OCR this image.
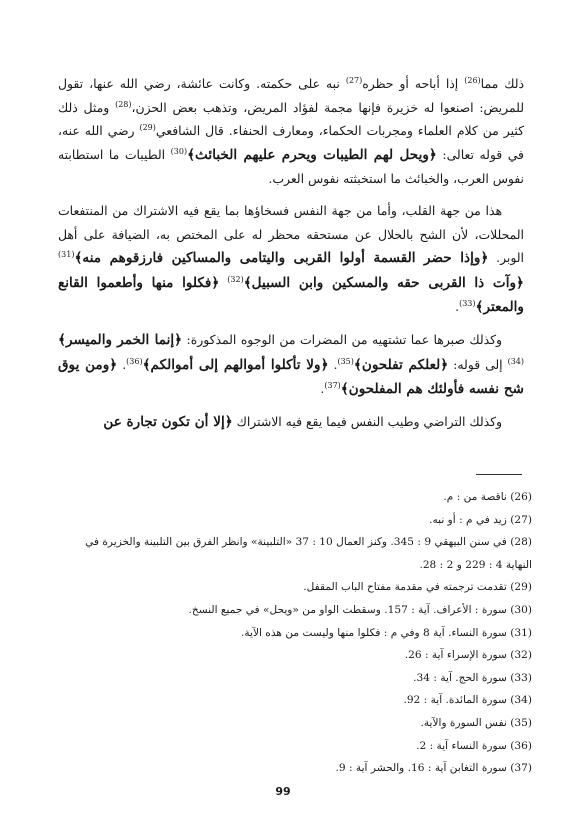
ذلك مما$^{(26)}$ إذا أباحه أو حظره$^{(27)}$ نبه على حكمته. وكانت عائشة، رضي الله عنها، تقول للمريض: اصنعوا له خزيرة فإنها مجمة لفؤاد المريض، وتذهب بعض الحزن،$^{(28)}$ ومثل ذلك كثير من كلام العلماء ومجربات الحكماء، ومعارف الحنفاء. قال الشافعي$^{(29)}$ رضي الله عنه، في قوله تعالى: ﴿ويحل لهم الطيبات ويحرم عليهم الخبائث﴾$^{(30)}$ الطيبات ما استطابته نفوس العرب، والخبائث ما استخبثته نفوس العرب.

هذا من جهة القلب، وأما من جهة النفس فسخاؤها بما يقع فيه الاشتراك من المنتفعات المحللات، لأن الشح بالحلال عن مستحقه محظر له على المختص به، الضيافة على أهل الوبر. ﴿وإذا حضر القسمة أولوا القربى واليتامى والمساكين فارزقوهم منه﴾$^{(31)}$ ﴿وآت ذا القربى حقه والمسكين وابن السبيل﴾$^{(32)}$ ﴿فكلوا منها وأطعموا القانع والمعتر﴾$^{(33)}$.

وكذلك صبرها عما تشتهيه من المضرات من الوجوه المذكورة: ﴿إنما الخمر والميسر﴾$^{(34)}$ إلى قوله: ﴿لعلكم تفلحون﴾$^{(35)}$. ﴿ولا تأكلوا أموالهم إلى أموالكم﴾$^{(36)}$. ﴿ومن يوق شح نفسه فأولئك هم المفلحون﴾$^{(37)}$.

وكذلك التراضي وطيب النفس فيما يقع فيه الاشتراك ﴿إلا أن تكون تجارة عن

(26) ناقصة من : م.
(27) زيد في م : أو نبه.
(28) في سنن البيهقي 9 : 345. وكنز العمال 10 : 37 «التلبينة» وانظر الفرق بين التلبينة والخزيرة في النهاية 4 : 229 و 2 : 28.
(29) تقدمت ترجمته في مقدمة مفتاح الباب المقفل.
(30) سورة : الأعراف. آية : 157. وسقطت الواو من «ويحل» في جميع النسخ.
(31) سورة النساء. آية 8 وفي م : فكلوا منها وليست من هذه الآية.
(32) سورة الإسراء آية : 26.
(33) سورة الحج. آية : 34.
(34) سورة المائدة. آية : 92.
(35) نفس السورة والآية.
(36) سورة النساء آية : 2.
(37) سورة التغابن آية : 16. والحشر آية : 9.
99
